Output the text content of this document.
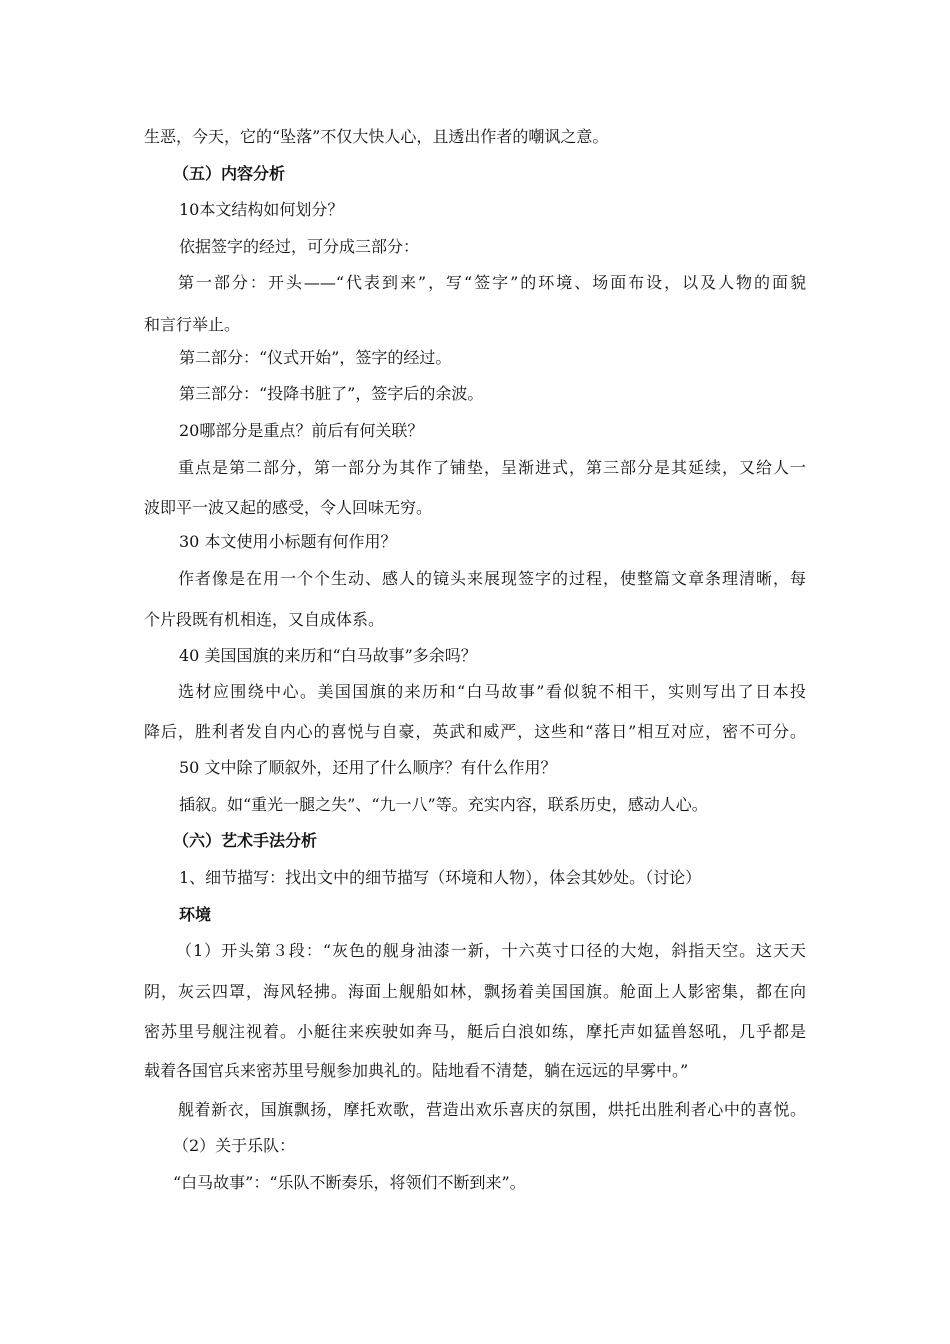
生恶，今天，它的“坠落”不仅大快人心，且透出作者的嘲讽之意。
（五）内容分析
10本文结构如何划分？
依据签字的经过，可分成三部分：
第一部分：开头——“代表到来”，写“签字”的环境、场面布设，以及人物的面貌
和言行举止。
第二部分：“仪式开始”，签字的经过。
第三部分：“投降书脏了”，签字后的余波。
20哪部分是重点？前后有何关联？
重点是第二部分，第一部分为其作了铺垫，呈渐进式，第三部分是其延续，又给人一
波即平一波又起的感受，令人回味无穷。
30 本文使用小标题有何作用？
作者像是在用一个个生动、感人的镜头来展现签字的过程，使整篇文章条理清晰，每
个片段既有机相连，又自成体系。
40 美国国旗的来历和“白马故事”多余吗？
选材应围绕中心。美国国旗的来历和“白马故事”看似貌不相干，实则写出了日本投
降后，胜利者发自内心的喜悦与自豪，英武和威严，这些和“落日”相互对应，密不可分。
50 文中除了顺叙外，还用了什么顺序？有什么作用？
插叙。如“重光一腿之失”、“九一八”等。充实内容，联系历史，感动人心。
（六）艺术手法分析
1、细节描写：找出文中的细节描写（环境和人物），体会其妙处。（讨论）
环境
（1）开头第３段：“灰色的舰身油漆一新，十六英寸口径的大炮，斜指天空。这天天
阴，灰云四罩，海风轻拂。海面上舰船如林，飘扬着美国国旗。舱面上人影密集，都在向
密苏里号舰注视着。小艇往来疾驶如奔马，艇后白浪如练，摩托声如猛兽怒吼，几乎都是
载着各国官兵来密苏里号舰参加典礼的。陆地看不清楚，躺在远远的早雾中。”
舰着新衣，国旗飘扬，摩托欢歌，营造出欢乐喜庆的氛围，烘托出胜利者心中的喜悦。
（2）关于乐队：
“白马故事”：“乐队不断奏乐，将领们不断到来”。
